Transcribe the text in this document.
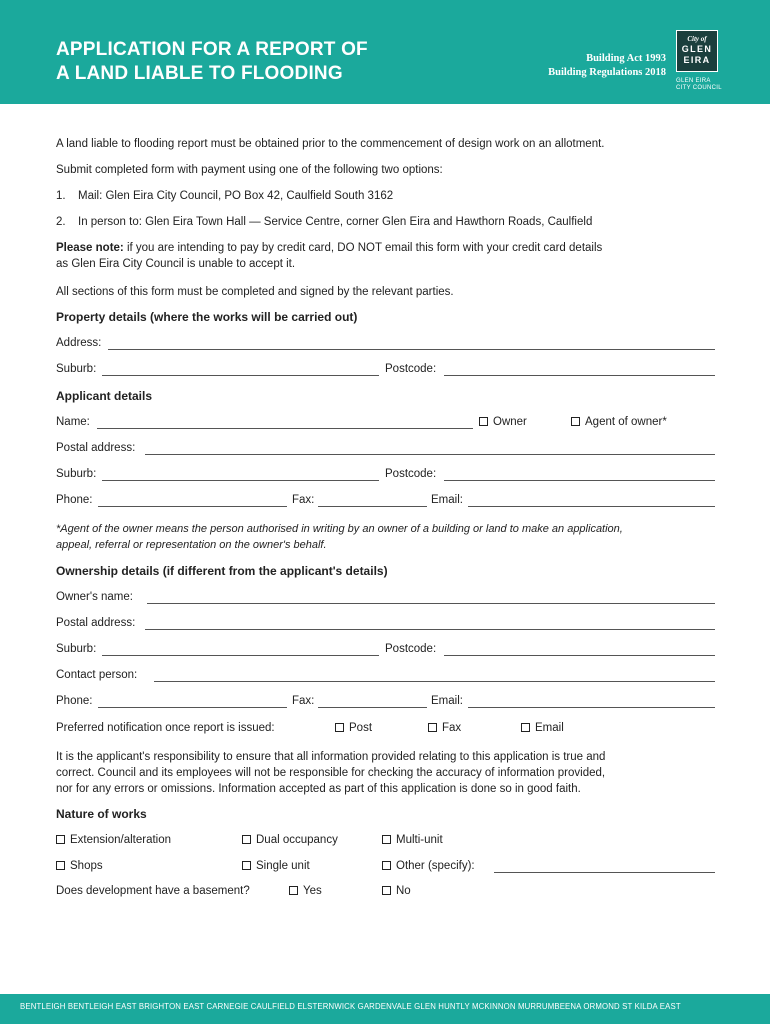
APPLICATION FOR A REPORT OF
A LAND LIABLE TO FLOODING
Building Act 1993
Building Regulations 2018
City of
GLEN
EIRA
GLEN EIRA
CITY COUNCIL
A land liable to flooding report must be obtained prior to the commencement of design work on an allotment.
Submit completed form with payment using one of the following two options:
1. Mail: Glen Eira City Council, PO Box 42, Caulfield South 3162
2. In person to: Glen Eira Town Hall — Service Centre, corner Glen Eira and Hawthorn Roads, Caulfield
Please note: if you are intending to pay by credit card, DO NOT email this form with your credit card details
as Glen Eira City Council is unable to accept it.
All sections of this form must be completed and signed by the relevant parties.
Property details (where the works will be carried out)
Address:
Suburb:	Postcode:
Applicant details
Name:	Owner	Agent of owner*
Postal address:
Suburb:	Postcode:
Phone:	Fax:	Email:
*Agent of the owner means the person authorised in writing by an owner of a building or land to make an application,
appeal, referral or representation on the owner's behalf.
Ownership details (if different from the applicant's details)
Owner's name:
Postal address:
Suburb:	Postcode:
Contact person:
Phone:	Fax:	Email:
Preferred notification once report is issued:	Post	Fax	Email
It is the applicant's responsibility to ensure that all information provided relating to this application is true and
correct. Council and its employees will not be responsible for checking the accuracy of information provided,
nor for any errors or omissions. Information accepted as part of this application is done so in good faith.
Nature of works
Extension/alteration	Dual occupancy	Multi-unit
Shops	Single unit	Other (specify):
Does development have a basement?	Yes	No
BENTLEIGH BENTLEIGH EAST BRIGHTON EAST CARNEGIE CAULFIELD ELSTERNWICK GARDENVALE GLEN HUNTLY MCKINNON MURRUMBEENA ORMOND ST KILDA EAST
